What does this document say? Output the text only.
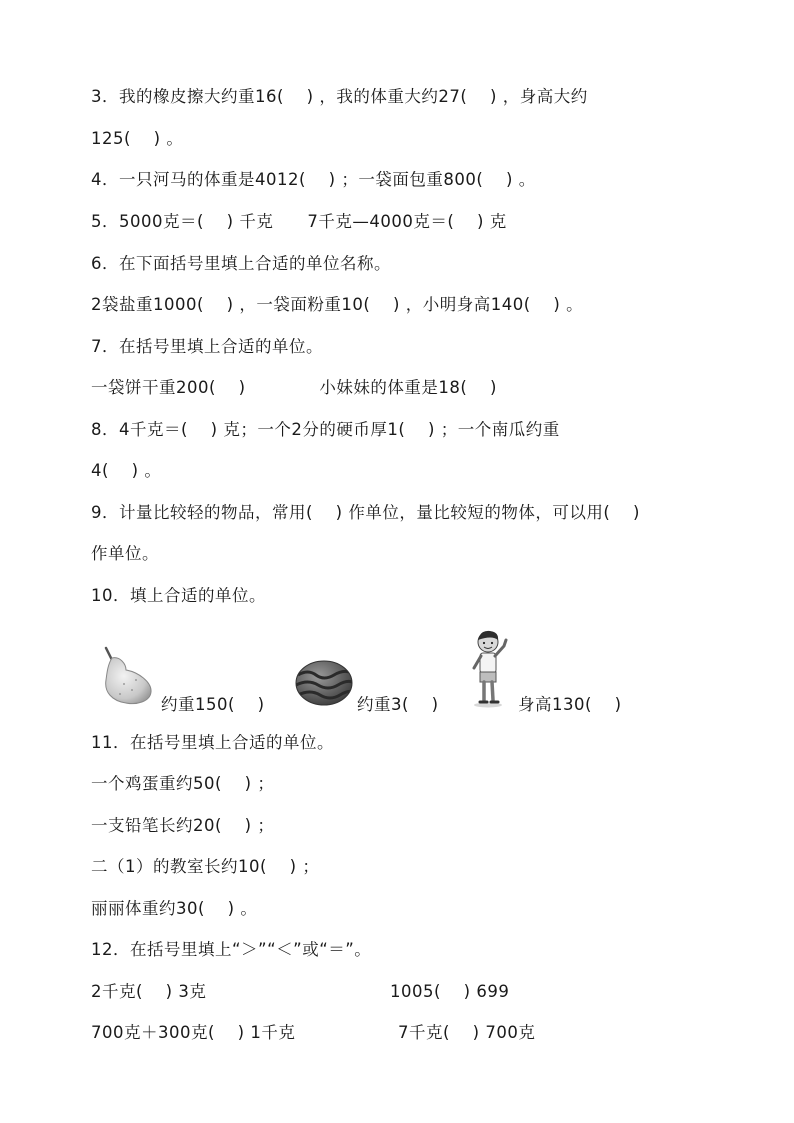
3．我的橡皮擦大约重16(　 ) ，我的体重大约27(　 ) ，身高大约
125(　 ) 。
4．一只河马的体重是4012(　 ) ；一袋面包重800(　 ) 。
5．5000克＝(　 ) 千克　　7千克—4000克＝(　 ) 克
6．在下面括号里填上合适的单位名称。
2袋盐重1000(　 ) ，一袋面粉重10(　 ) ，小明身高140(　 ) 。
7．在括号里填上合适的单位。
一袋饼干重200(　 )　　　　 小妹妹的体重是18(　 )
8．4千克＝(　 ) 克；一个2分的硬币厚1(　 ) ；一个南瓜约重
4(　 ) 。
9．计量比较轻的物品，常用(　 ) 作单位，量比较短的物体，可以用(　 )
作单位。
10．填上合适的单位。
约重150(　 )	约重3(　 )	身高130(　 )
11．在括号里填上合适的单位。
一个鸡蛋重约50(　 ) ；
一支铅笔长约20(　 ) ；
二（1）的教室长约10(　 ) ；
丽丽体重约30(　 ) 。
12．在括号里填上“＞”“＜”或“＝”。
2千克(　 ) 3克	1005(　 ) 699
700克＋300克(　 ) 1千克	7千克(　 ) 700克
